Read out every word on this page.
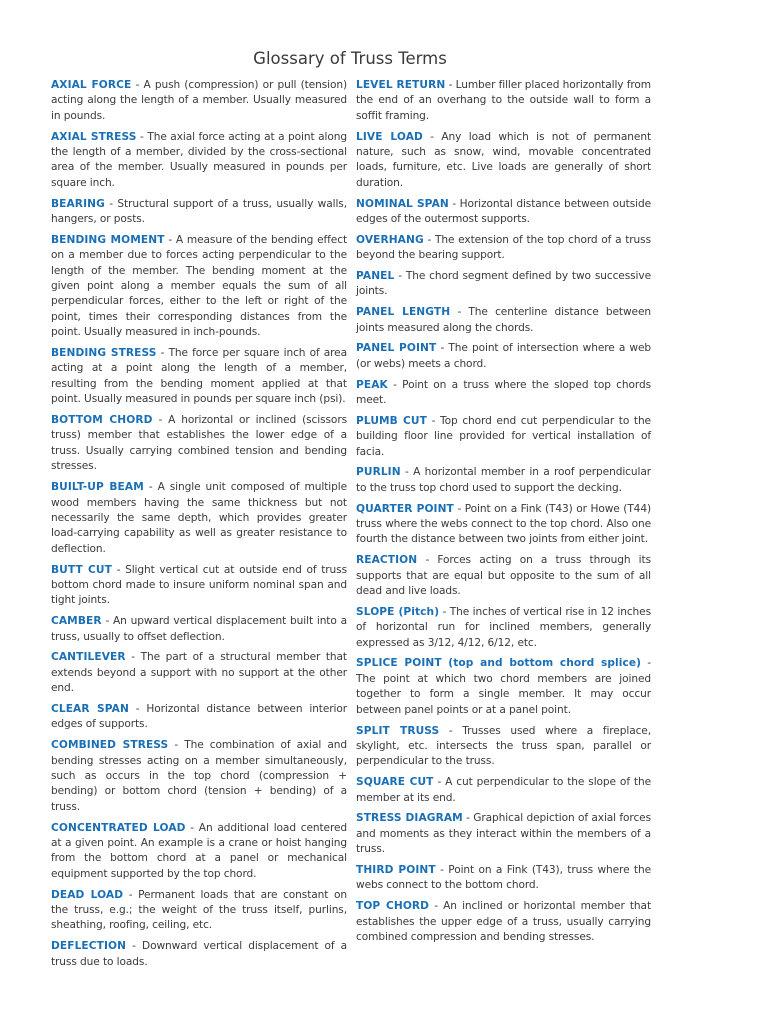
Glossary of Truss Terms

AXIAL FORCE - A push (compression) or pull (tension) acting along the length of a member. Usually measured in pounds.

AXIAL STRESS - The axial force acting at a point along the length of a member, divided by the cross-sectional area of the member. Usually measured in pounds per square inch.

BEARING - Structural support of a truss, usually walls, hangers, or posts.

BENDING MOMENT - A measure of the bending effect on a member due to forces acting perpendicular to the length of the member. The bending moment at the given point along a member equals the sum of all perpendicular forces, either to the left or right of the point, times their corresponding distances from the point. Usually measured in inch-pounds.

BENDING STRESS - The force per square inch of area acting at a point along the length of a member, resulting from the bending moment applied at that point. Usually measured in pounds per square inch (psi).

BOTTOM CHORD - A horizontal or inclined (scissors truss) member that establishes the lower edge of a truss. Usually carrying combined tension and bending stresses.

BUILT-UP BEAM - A single unit composed of multiple wood members having the same thickness but not necessarily the same depth, which provides greater load-carrying capability as well as greater resistance to deflection.

BUTT CUT - Slight vertical cut at outside end of truss bottom chord made to insure uniform nominal span and tight joints.

CAMBER - An upward vertical displacement built into a truss, usually to offset deflection.

CANTILEVER - The part of a structural member that extends beyond a support with no support at the other end.

CLEAR SPAN - Horizontal distance between interior edges of supports.

COMBINED STRESS - The combination of axial and bending stresses acting on a member simultaneously, such as occurs in the top chord (compression + bending) or bottom chord (tension + bending) of a truss.

CONCENTRATED LOAD - An additional load centered at a given point. An example is a crane or hoist hanging from the bottom chord at a panel or mechanical equipment supported by the top chord.

DEAD LOAD - Permanent loads that are constant on the truss, e.g.; the weight of the truss itself, purlins, sheathing, roofing, ceiling, etc.

DEFLECTION - Downward vertical displacement of a truss due to loads.

LEVEL RETURN - Lumber filler placed horizontally from the end of an overhang to the outside wall to form a soffit framing.

LIVE LOAD - Any load which is not of permanent nature, such as snow, wind, movable concentrated loads, furniture, etc. Live loads are generally of short duration.

NOMINAL SPAN - Horizontal distance between outside edges of the outermost supports.

OVERHANG - The extension of the top chord of a truss beyond the bearing support.

PANEL - The chord segment defined by two successive joints.

PANEL LENGTH - The centerline distance between joints measured along the chords.

PANEL POINT - The point of intersection where a web (or webs) meets a chord.

PEAK - Point on a truss where the sloped top chords meet.

PLUMB CUT - Top chord end cut perpendicular to the building floor line provided for vertical installation of facia.

PURLIN - A horizontal member in a roof perpendicular to the truss top chord used to support the decking.

QUARTER POINT - Point on a Fink (T43) or Howe (T44) truss where the webs connect to the top chord. Also one fourth the distance between two joints from either joint.

REACTION - Forces acting on a truss through its supports that are equal but opposite to the sum of all dead and live loads.

SLOPE (Pitch) - The inches of vertical rise in 12 inches of horizontal run for inclined members, generally expressed as 3/12, 4/12, 6/12, etc.

SPLICE POINT (top and bottom chord splice) - The point at which two chord members are joined together to form a single member. It may occur between panel points or at a panel point.

SPLIT TRUSS - Trusses used where a fireplace, skylight, etc. intersects the truss span, parallel or perpendicular to the truss.

SQUARE CUT - A cut perpendicular to the slope of the member at its end.

STRESS DIAGRAM - Graphical depiction of axial forces and moments as they interact within the members of a truss.

THIRD POINT - Point on a Fink (T43), truss where the webs connect to the bottom chord.

TOP CHORD - An inclined or horizontal member that establishes the upper edge of a truss, usually carrying combined compression and bending stresses.
